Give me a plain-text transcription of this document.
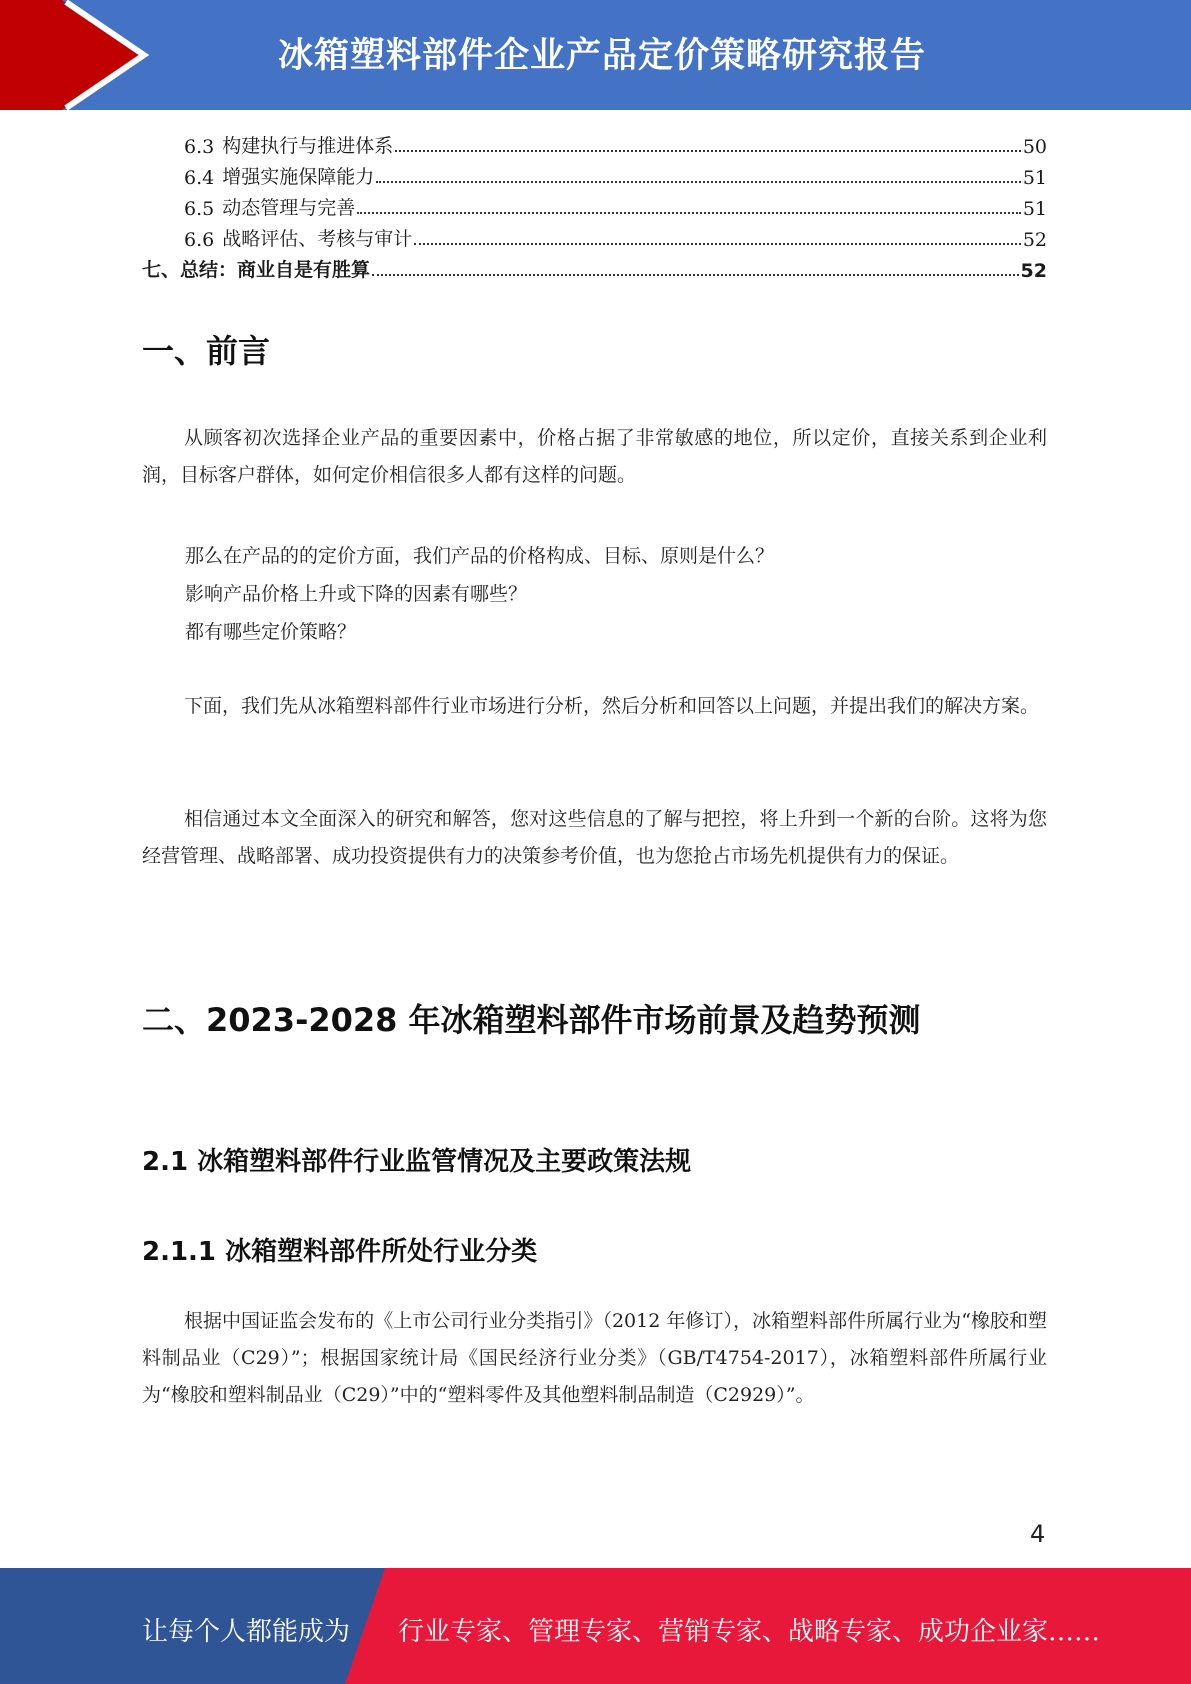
冰箱塑料部件企业产品定价策略研究报告
6.3 构建执行与推进体系	50
6.4 增强实施保障能力	51
6.5 动态管理与完善	51
6.6 战略评估、考核与审计	52
七、总结：商业自是有胜算	52
一、前言
从顾客初次选择企业产品的重要因素中，价格占据了非常敏感的地位，所以定价，直接关系到企业利润，目标客户群体，如何定价相信很多人都有这样的问题。
那么在产品的的定价方面，我们产品的价格构成、目标、原则是什么？
影响产品价格上升或下降的因素有哪些？
都有哪些定价策略？
下面，我们先从冰箱塑料部件行业市场进行分析，然后分析和回答以上问题，并提出我们的解决方案。
相信通过本文全面深入的研究和解答，您对这些信息的了解与把控，将上升到一个新的台阶。这将为您经营管理、战略部署、成功投资提供有力的决策参考价值，也为您抢占市场先机提供有力的保证。
二、2023-2028 年冰箱塑料部件市场前景及趋势预测
2.1 冰箱塑料部件行业监管情况及主要政策法规
2.1.1 冰箱塑料部件所处行业分类
根据中国证监会发布的《上市公司行业分类指引》（2012 年修订），冰箱塑料部件所属行业为“橡胶和塑料制品业（C29）”；根据国家统计局《国民经济行业分类》（GB/T4754-2017），冰箱塑料部件所属行业为“橡胶和塑料制品业（C29）”中的“塑料零件及其他塑料制品制造（C2929）”。
4
让每个人都能成为 行业专家、管理专家、营销专家、战略专家、成功企业家……
